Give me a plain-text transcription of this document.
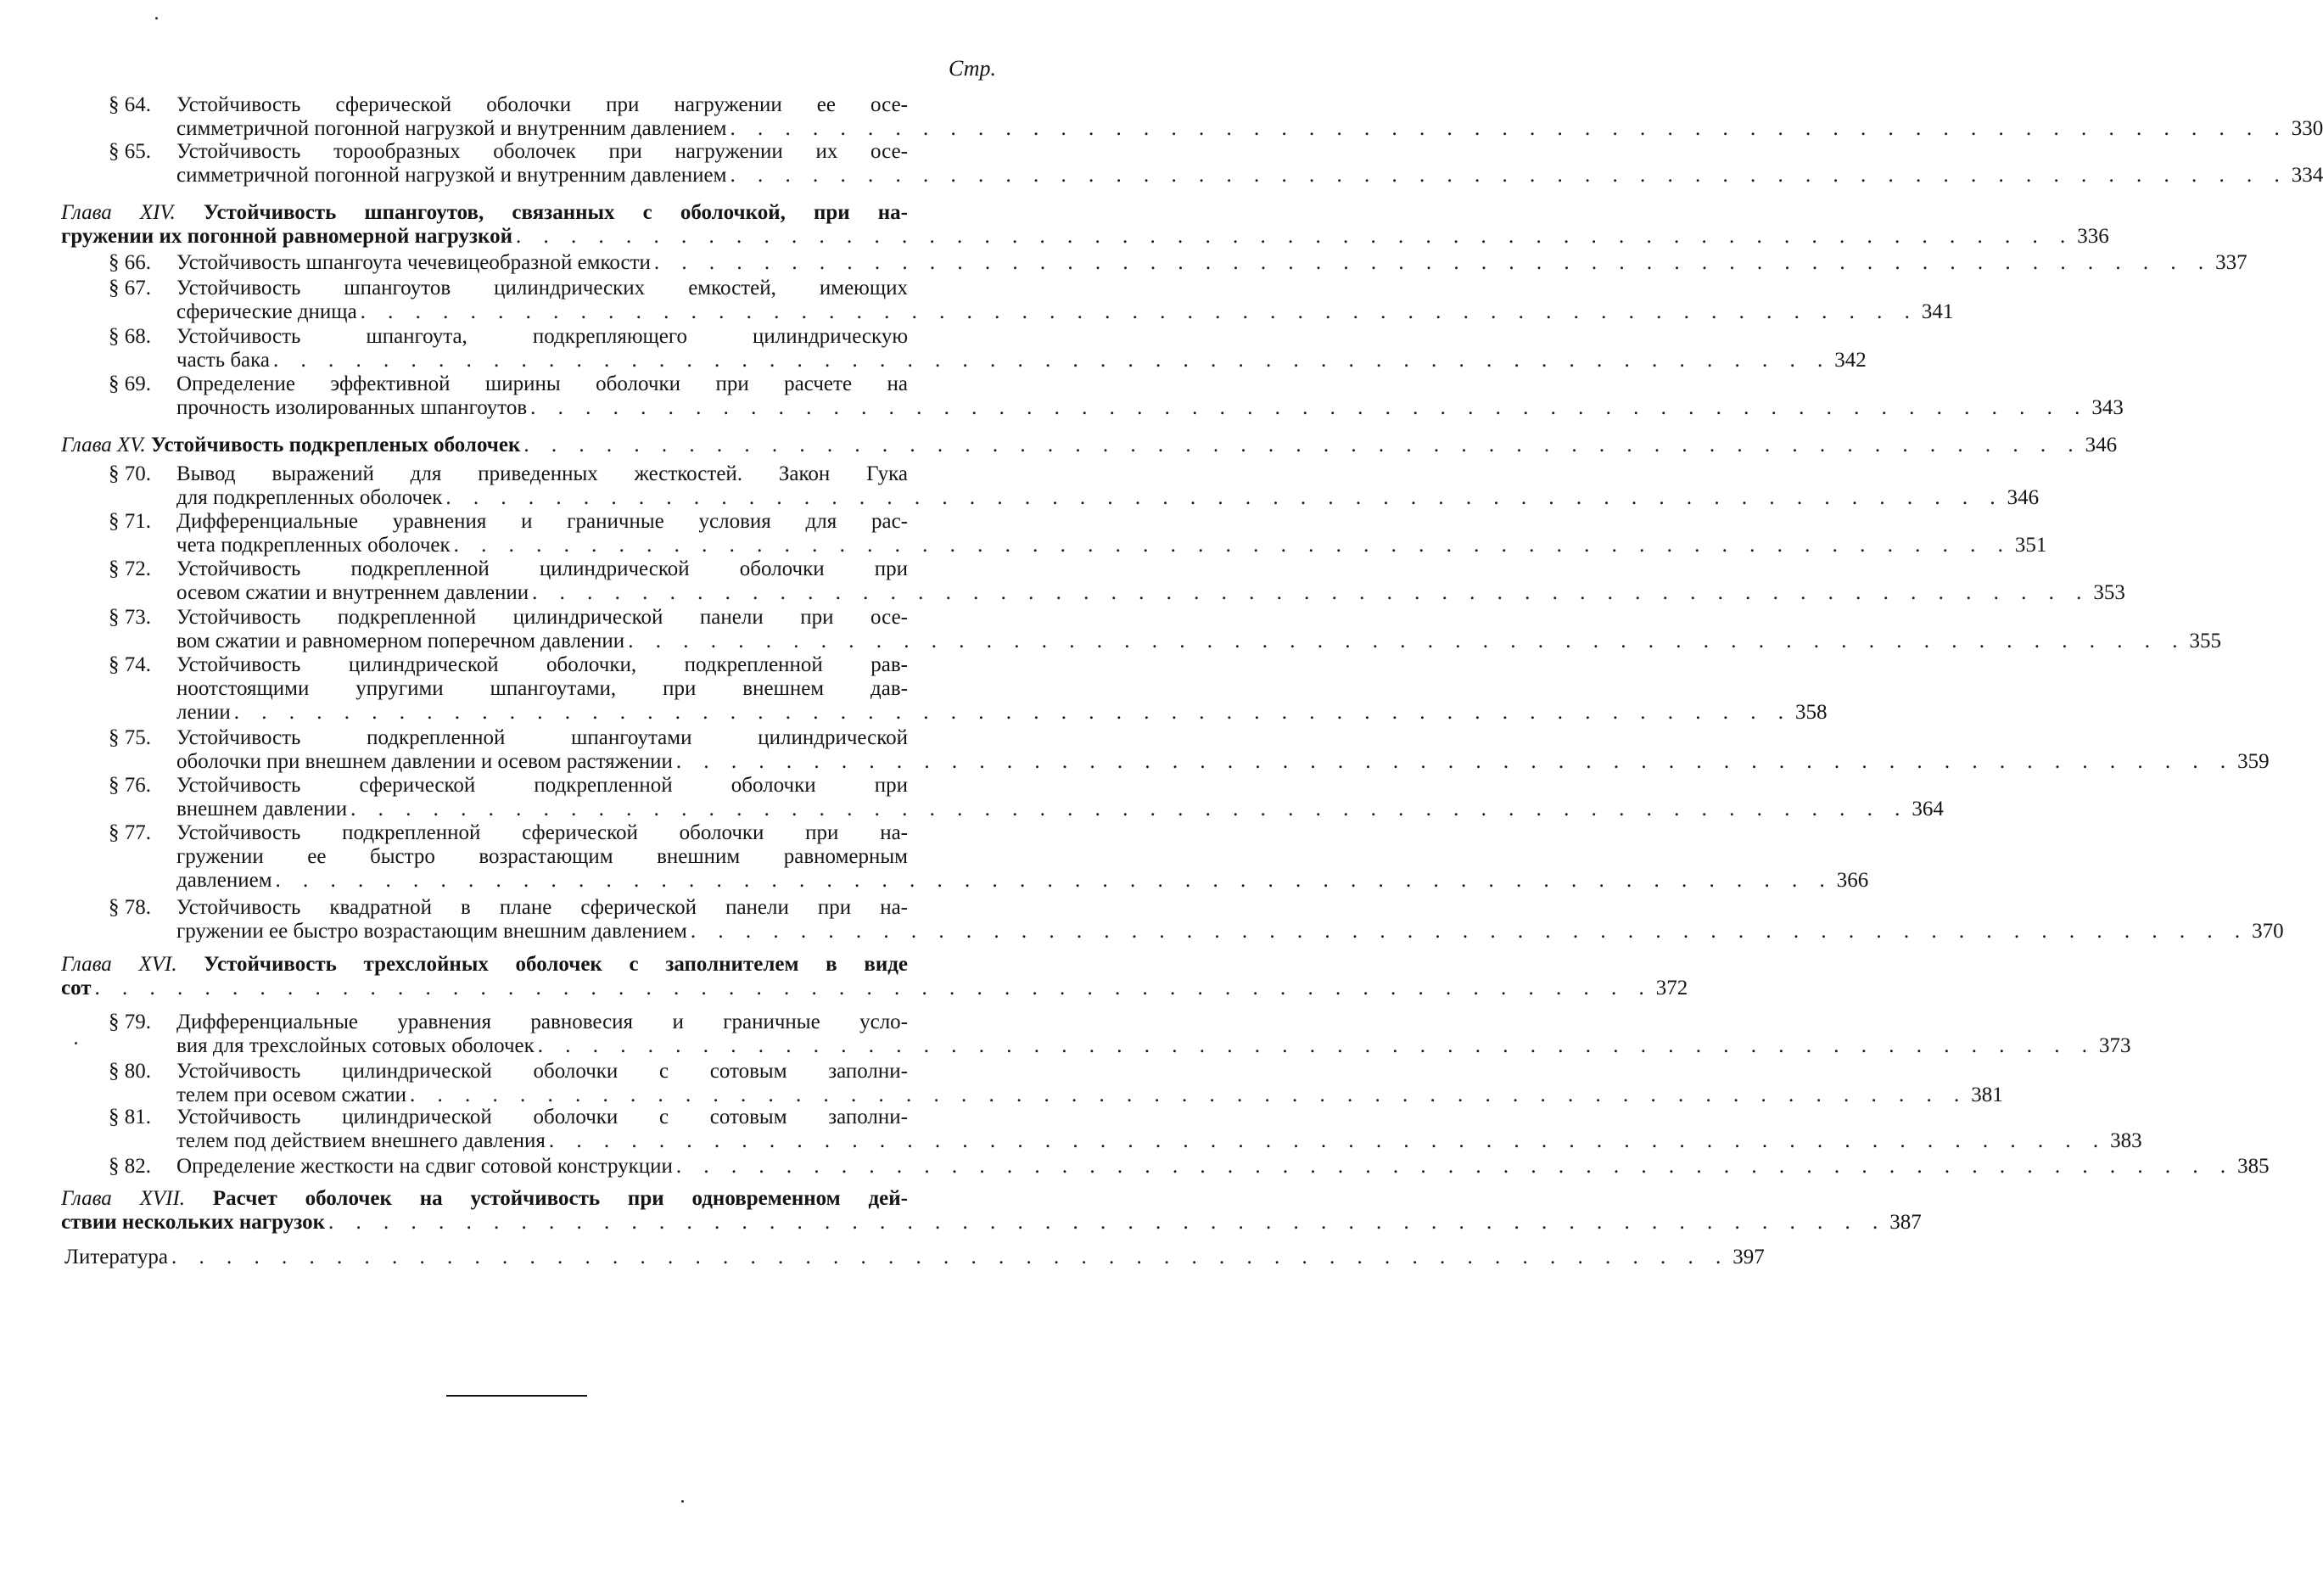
Стр.
§ 64. Устойчивость сферической оболочки при нагружении ее осе-
симметричной погонной нагрузкой и внутренним давлением . . . . . . . . . . . . . . . . . . . . . . . . . . . . . . . . . . . . . . . . . . . . . . . . . . . . . . . . . 330
§ 65. Устойчивость торообразных оболочек при нагружении их осе-
симметричной погонной нагрузкой и внутренним давлением . . . . . . . . . . . . . . . . . . . . . . . . . . . . . . . . . . . . . . . . . . . . . . . . . . . . . . . . . 334
Глава XIV. Устойчивость шпангоутов, связанных с оболочкой, при на-
гружении их погонной равномерной нагрузкой . . . . . . . . . . . . . . . . . . . . . . . . . . . . . . . . . . . . . . . . . . . . . . . . . . . . . . . . . 336
§ 66. Устойчивость шпангоута чечевицеобразной емкости . . . . . . . . . . . . . . . . . . . . . . . . . . . . . . . . . . . . . . . . . . . . . . . . . . . . . . . . . 337
§ 67. Устойчивость шпангоутов цилиндрических емкостей, имеющих
сферические днища . . . . . . . . . . . . . . . . . . . . . . . . . . . . . . . . . . . . . . . . . . . . . . . . . . . . . . . . . 341
§ 68. Устойчивость шпангоута, подкрепляющего цилиндрическую
часть бака . . . . . . . . . . . . . . . . . . . . . . . . . . . . . . . . . . . . . . . . . . . . . . . . . . . . . . . . . 342
§ 69. Определение эффективной ширины оболочки при расчете на
прочность изолированных шпангоутов . . . . . . . . . . . . . . . . . . . . . . . . . . . . . . . . . . . . . . . . . . . . . . . . . . . . . . . . . 343
Глава XV. Устойчивость подкрепленых оболочек . . . . . . . . . . . . . . . . . . . . . . . . . . . . . . . . . . . . . . . . . . . . . . . . . . . . . . . . . 346
§ 70. Вывод выражений для приведенных жесткостей. Закон Гука
для подкрепленных оболочек . . . . . . . . . . . . . . . . . . . . . . . . . . . . . . . . . . . . . . . . . . . . . . . . . . . . . . . . . 346
§ 71. Дифференциальные уравнения и граничные условия для рас-
чета подкрепленных оболочек . . . . . . . . . . . . . . . . . . . . . . . . . . . . . . . . . . . . . . . . . . . . . . . . . . . . . . . . . 351
§ 72. Устойчивость подкрепленной цилиндрической оболочки при
осевом сжатии и внутреннем давлении . . . . . . . . . . . . . . . . . . . . . . . . . . . . . . . . . . . . . . . . . . . . . . . . . . . . . . . . . 353
§ 73. Устойчивость подкрепленной цилиндрической панели при осе-
вом сжатии и равномерном поперечном давлении . . . . . . . . . . . . . . . . . . . . . . . . . . . . . . . . . . . . . . . . . . . . . . . . . . . . . . . . . 355
§ 74. Устойчивость цилиндрической оболочки, подкрепленной рав-
ноотстоящими упругими шпангоутами, при внешнем дав-
лении . . . . . . . . . . . . . . . . . . . . . . . . . . . . . . . . . . . . . . . . . . . . . . . . . . . . . . . . . 358
§ 75. Устойчивость подкрепленной шпангоутами цилиндрической
оболочки при внешнем давлении и осевом растяжении . . . . . . . . . . . . . . . . . . . . . . . . . . . . . . . . . . . . . . . . . . . . . . . . . . . . . . . . . 359
§ 76. Устойчивость сферической подкрепленной оболочки при
внешнем давлении . . . . . . . . . . . . . . . . . . . . . . . . . . . . . . . . . . . . . . . . . . . . . . . . . . . . . . . . . 364
§ 77. Устойчивость подкрепленной сферической оболочки при на-
гружении ее быстро возрастающим внешним равномерным
давлением . . . . . . . . . . . . . . . . . . . . . . . . . . . . . . . . . . . . . . . . . . . . . . . . . . . . . . . . . 366
§ 78. Устойчивость квадратной в плане сферической панели при на-
гружении ее быстро возрастающим внешним давлением . . . . . . . . . . . . . . . . . . . . . . . . . . . . . . . . . . . . . . . . . . . . . . . . . . . . . . . . . 370
Глава XVI. Устойчивость трехслойных оболочек с заполнителем в виде
сот . . . . . . . . . . . . . . . . . . . . . . . . . . . . . . . . . . . . . . . . . . . . . . . . . . . . . . . . . 372
§ 79. Дифференциальные уравнения равновесия и граничные усло-
вия для трехслойных сотовых оболочек . . . . . . . . . . . . . . . . . . . . . . . . . . . . . . . . . . . . . . . . . . . . . . . . . . . . . . . . . 373
§ 80. Устойчивость цилиндрической оболочки с сотовым заполни-
телем при осевом сжатии . . . . . . . . . . . . . . . . . . . . . . . . . . . . . . . . . . . . . . . . . . . . . . . . . . . . . . . . . 381
§ 81. Устойчивость цилиндрической оболочки с сотовым заполни-
телем под действием внешнего давления . . . . . . . . . . . . . . . . . . . . . . . . . . . . . . . . . . . . . . . . . . . . . . . . . . . . . . . . . 383
§ 82. Определение жесткости на сдвиг сотовой конструкции . . . . . . . . . . . . . . . . . . . . . . . . . . . . . . . . . . . . . . . . . . . . . . . . . . . . . . . . . 385
Глава XVII. Расчет оболочек на устойчивость при одновременном дей-
ствии нескольких нагрузок . . . . . . . . . . . . . . . . . . . . . . . . . . . . . . . . . . . . . . . . . . . . . . . . . . . . . . . . . 387
Литература . . . . . . . . . . . . . . . . . . . . . . . . . . . . . . . . . . . . . . . . . . . . . . . . . . . . . . . . . 397
